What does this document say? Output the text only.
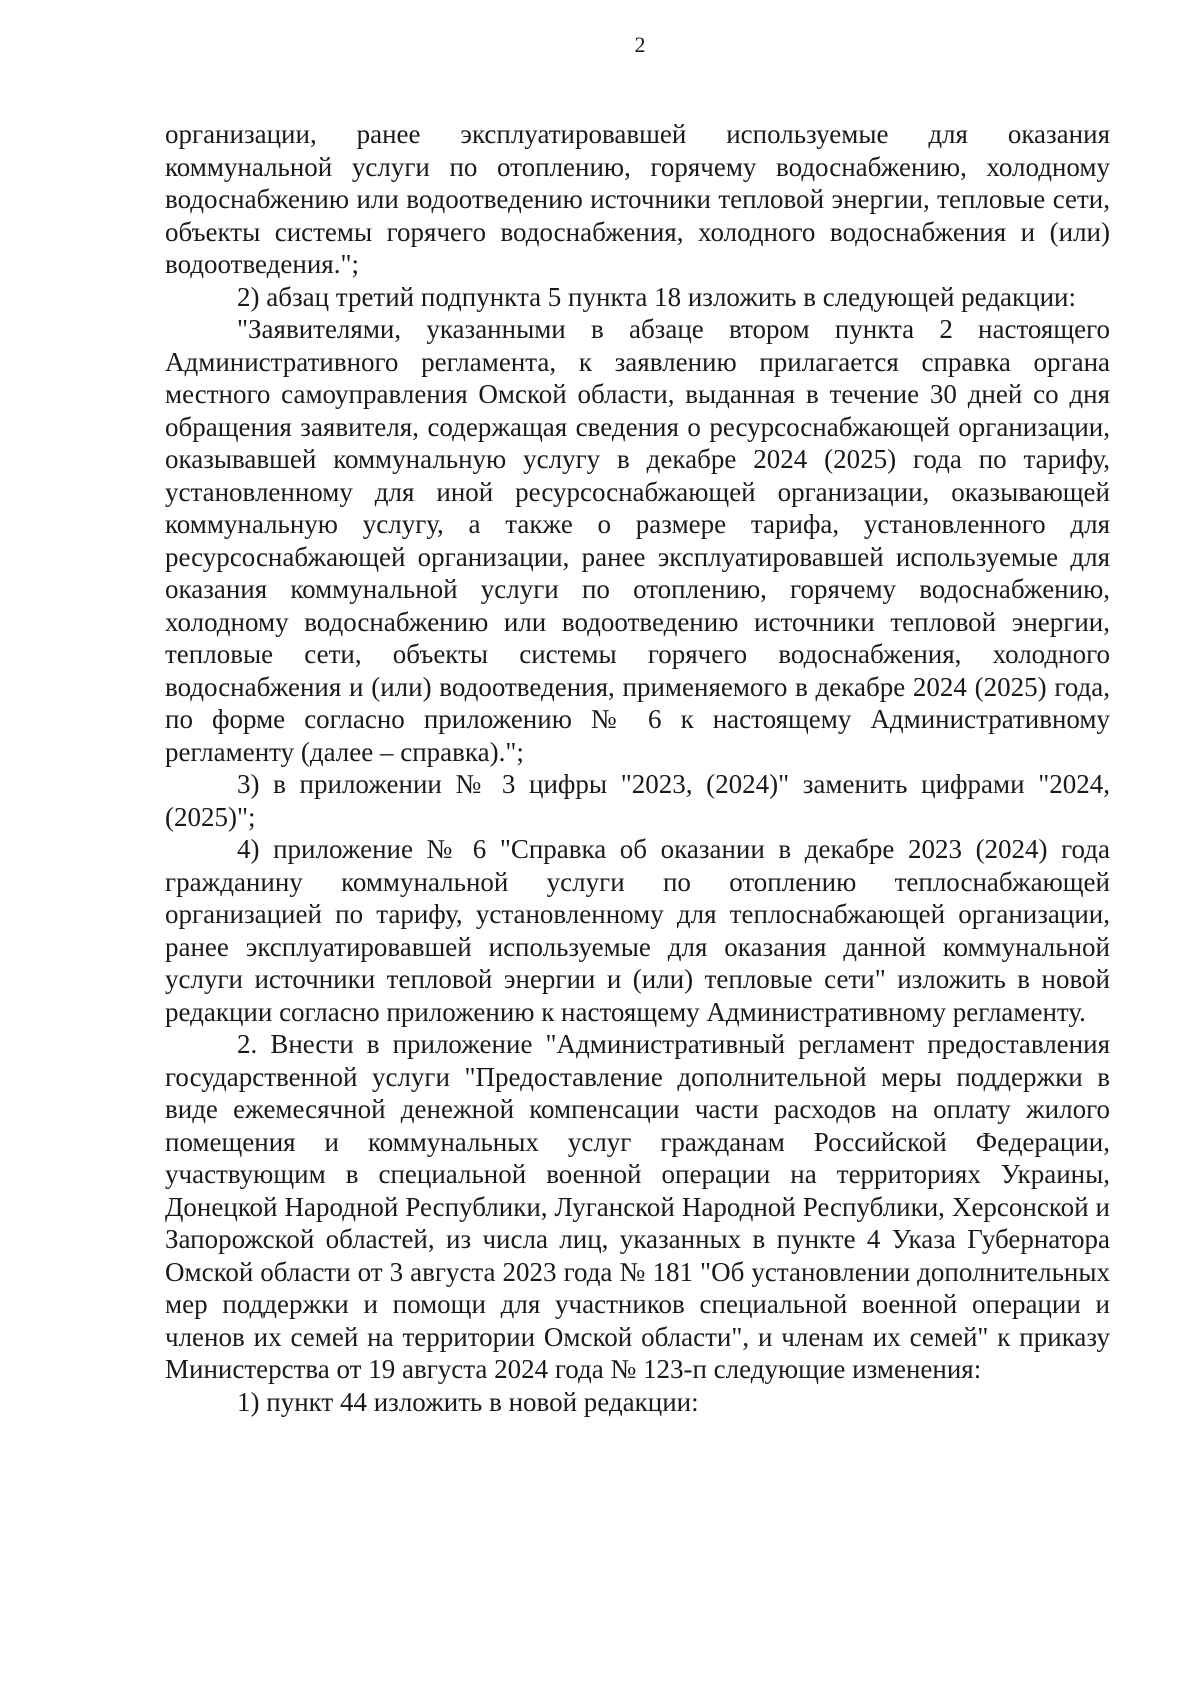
2

организации, ранее эксплуатировавшей используемые для оказания коммунальной услуги по отоплению, горячему водоснабжению, холодному водоснабжению или водоотведению источники тепловой энергии, тепловые сети, объекты системы горячего водоснабжения, холодного водоснабжения и (или) водоотведения.";

2) абзац третий подпункта 5 пункта 18 изложить в следующей редакции:

"Заявителями, указанными в абзаце втором пункта 2 настоящего Административного регламента, к заявлению прилагается справка органа местного самоуправления Омской области, выданная в течение 30 дней со дня обращения заявителя, содержащая сведения о ресурсоснабжающей организации, оказывавшей коммунальную услугу в декабре 2024 (2025) года по тарифу, установленному для иной ресурсоснабжающей организации, оказывающей коммунальную услугу, а также о размере тарифа, установленного для ресурсоснабжающей организации, ранее эксплуатировавшей используемые для оказания коммунальной услуги по отоплению, горячему водоснабжению, холодному водоснабжению или водоотведению источники тепловой энергии, тепловые сети, объекты системы горячего водоснабжения, холодного водоснабжения и (или) водоотведения, применяемого в декабре 2024 (2025) года, по форме согласно приложению № 6 к настоящему Административному регламенту (далее – справка).";

3) в приложении № 3 цифры "2023, (2024)" заменить цифрами "2024, (2025)";

4) приложение № 6 "Справка об оказании в декабре 2023 (2024) года гражданину коммунальной услуги по отоплению теплоснабжающей организацией по тарифу, установленному для теплоснабжающей организации, ранее эксплуатировавшей используемые для оказания данной коммунальной услуги источники тепловой энергии и (или) тепловые сети" изложить в новой редакции согласно приложению к настоящему Административному регламенту.

2. Внести в приложение "Административный регламент предоставления государственной услуги "Предоставление дополнительной меры поддержки в виде ежемесячной денежной компенсации части расходов на оплату жилого помещения и коммунальных услуг гражданам Российской Федерации, участвующим в специальной военной операции на территориях Украины, Донецкой Народной Республики, Луганской Народной Республики, Херсонской и Запорожской областей, из числа лиц, указанных в пункте 4 Указа Губернатора Омской области от 3 августа 2023 года № 181 "Об установлении дополнительных мер поддержки и помощи для участников специальной военной операции и членов их семей на территории Омской области", и членам их семей" к приказу Министерства от 19 августа 2024 года № 123-п следующие изменения:

1) пункт 44 изложить в новой редакции:
